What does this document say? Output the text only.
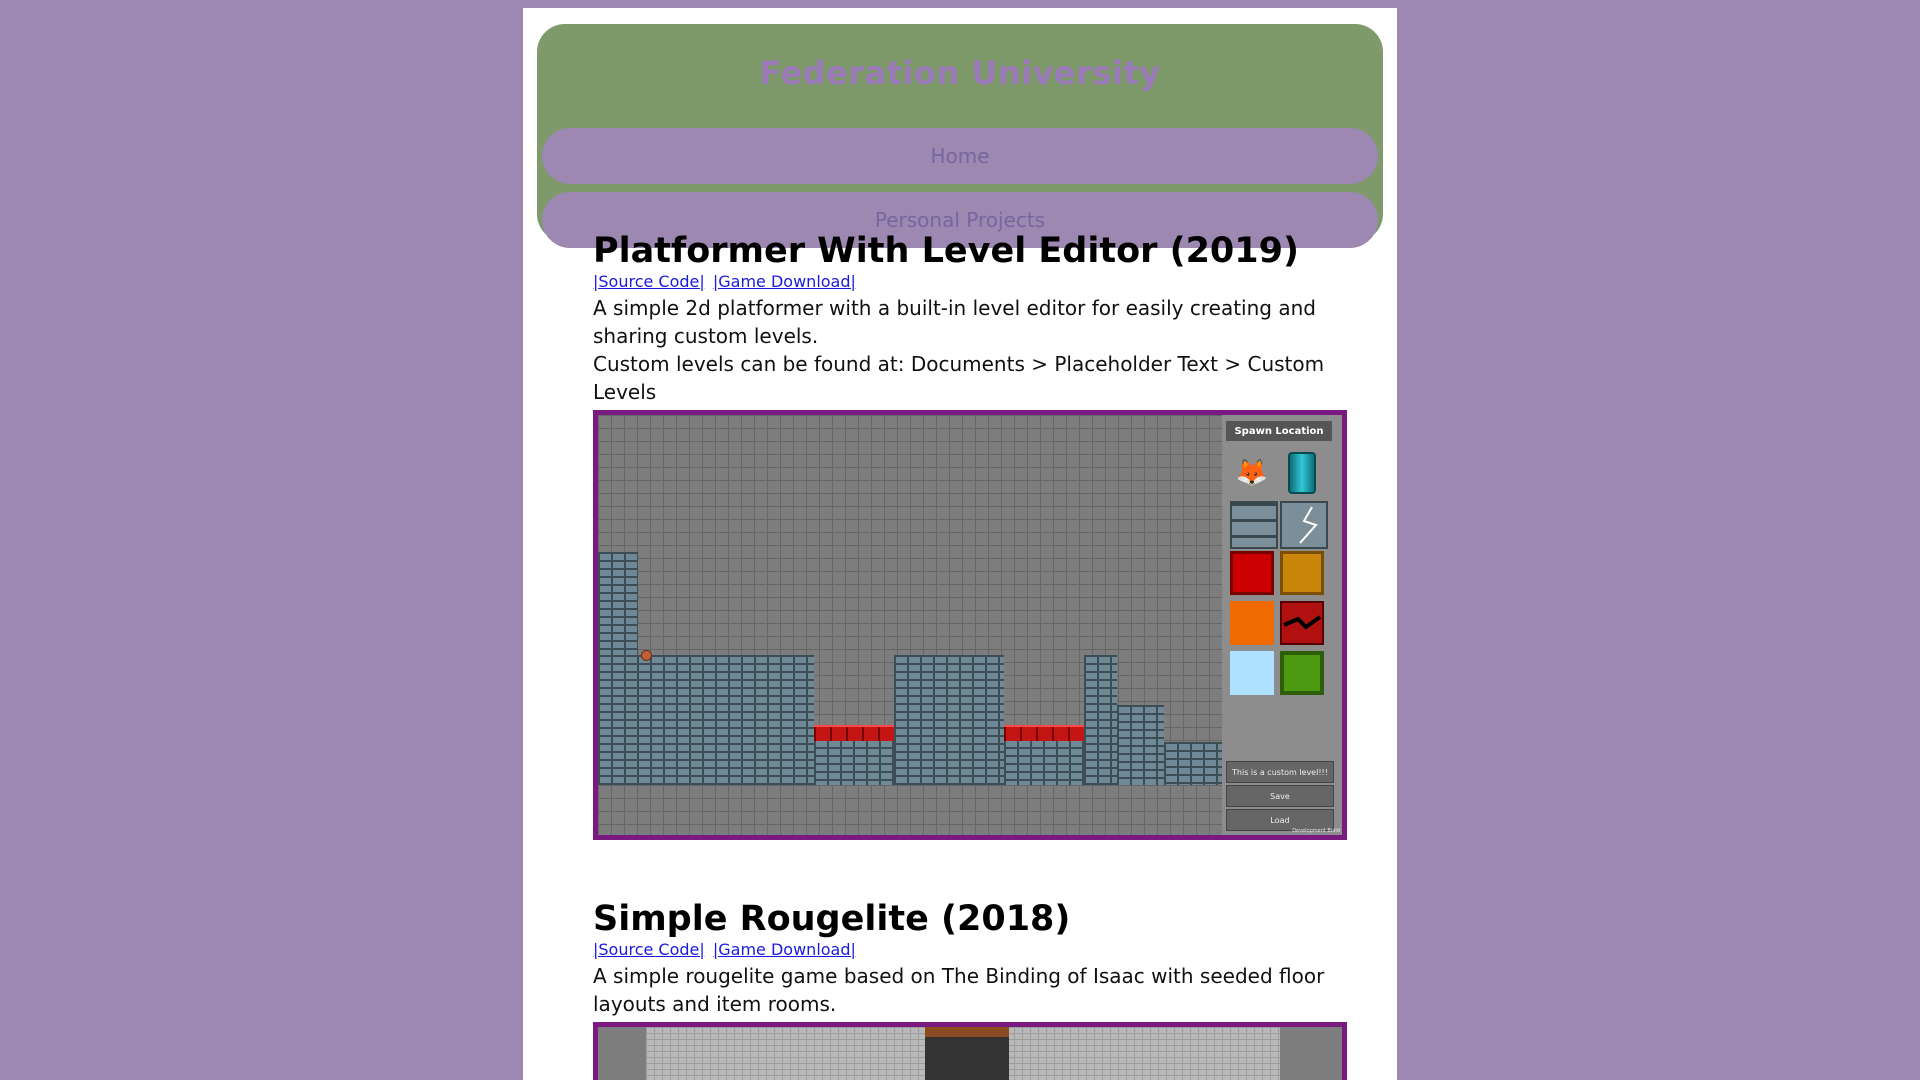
Federation University
Home
Personal Projects
Platformer With Level Editor (2019)
|Source Code| |Game Download|

A simple 2d platformer with a built-in level editor for easily creating and sharing custom levels.

Custom levels can be found at: Documents > Placeholder Text > Custom Levels

Spawn Location
🦊
This is a custom level!!!
Save
Load
Development Build
Simple Rougelite (2018)
|Source Code| |Game Download|

A simple rougelite game based on The Binding of Isaac with seeded floor layouts and item rooms.
